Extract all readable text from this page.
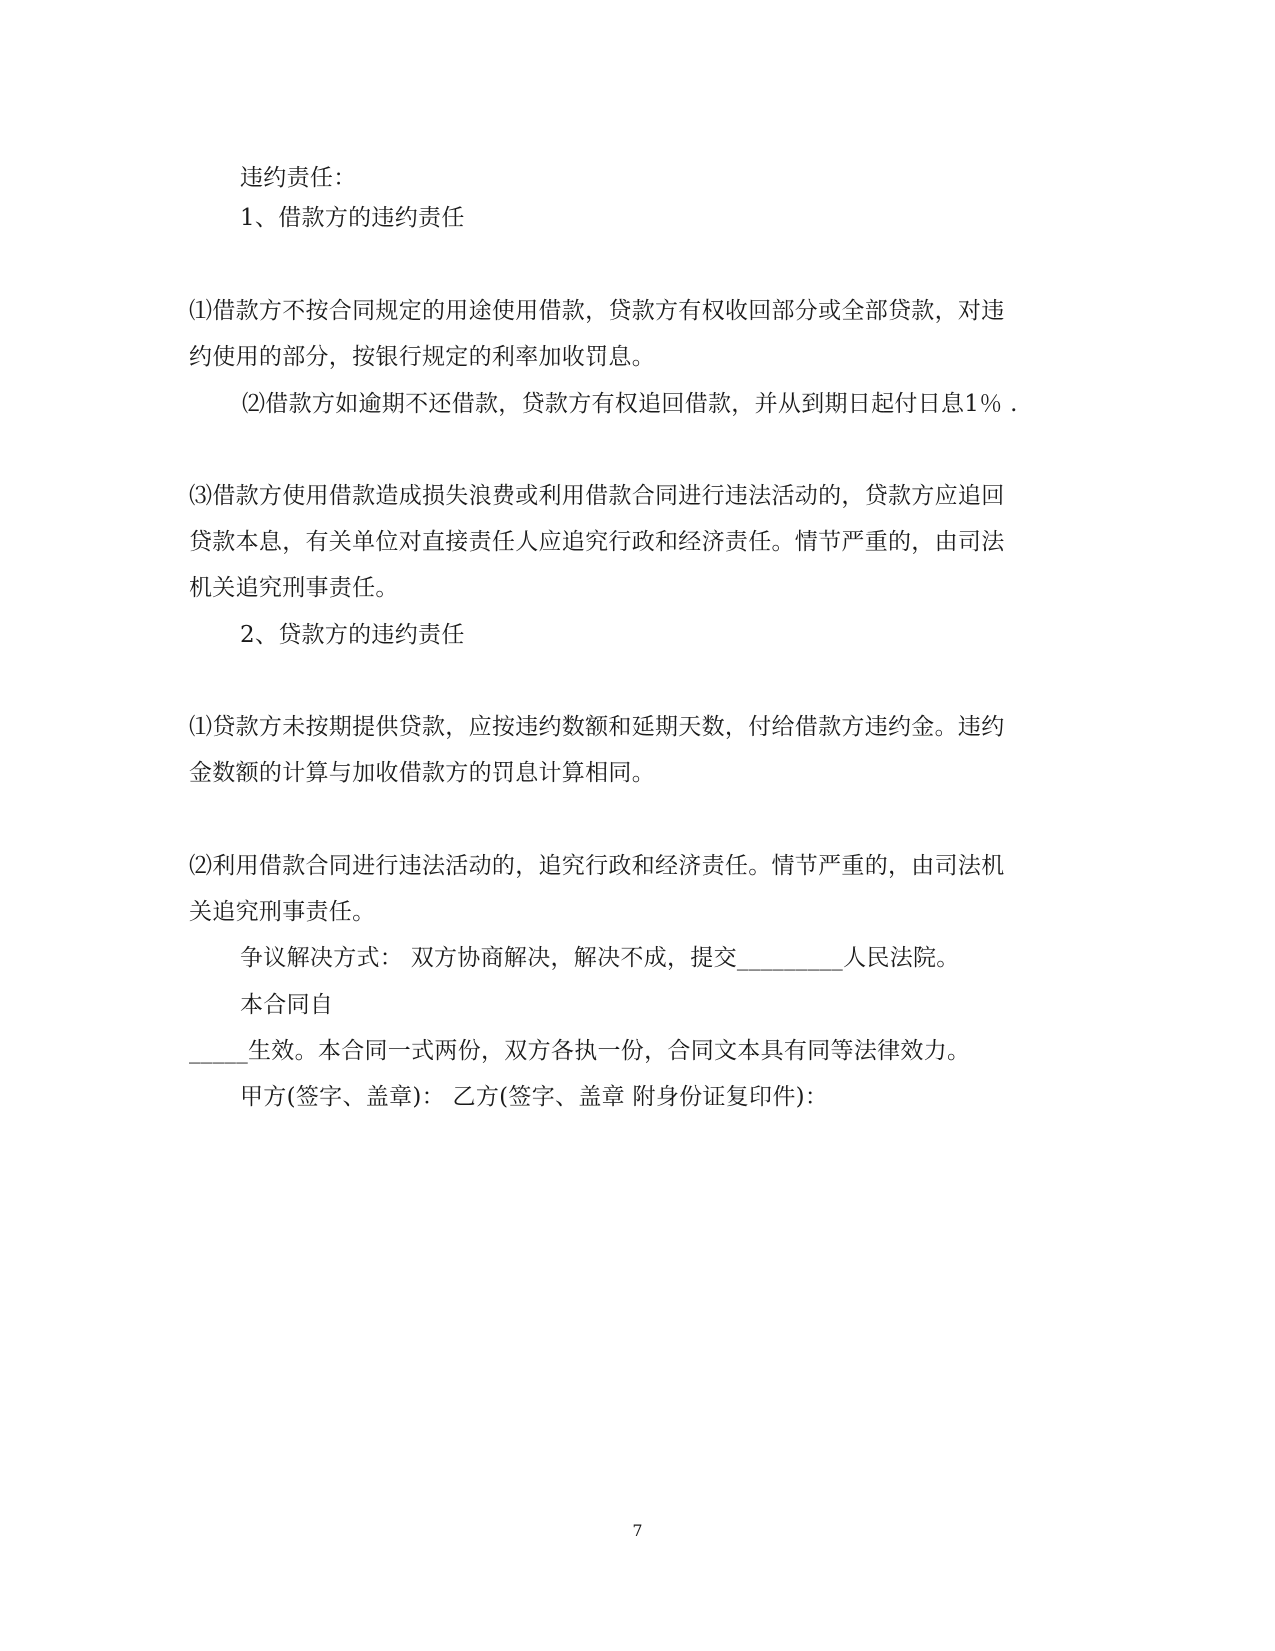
违约责任：
1、借款方的违约责任
⑴借款方不按合同规定的用途使用借款，贷款方有权收回部分或全部贷款，对违
约使用的部分，按银行规定的利率加收罚息。
⑵借款方如逾期不还借款，贷款方有权追回借款，并从到期日起付日息1％ .
⑶借款方使用借款造成损失浪费或利用借款合同进行违法活动的，贷款方应追回
贷款本息，有关单位对直接责任人应追究行政和经济责任。情节严重的，由司法
机关追究刑事责任。
2、贷款方的违约责任
⑴贷款方未按期提供贷款，应按违约数额和延期天数，付给借款方违约金。违约
金数额的计算与加收借款方的罚息计算相同。
⑵利用借款合同进行违法活动的，追究行政和经济责任。情节严重的，由司法机
关追究刑事责任。
争议解决方式： 双方协商解决，解决不成，提交_________人民法院。
本合同自
_____生效。本合同一式两份，双方各执一份，合同文本具有同等法律效力。
甲方(签字、盖章)： 乙方(签字、盖章 附身份证复印件)：
7
